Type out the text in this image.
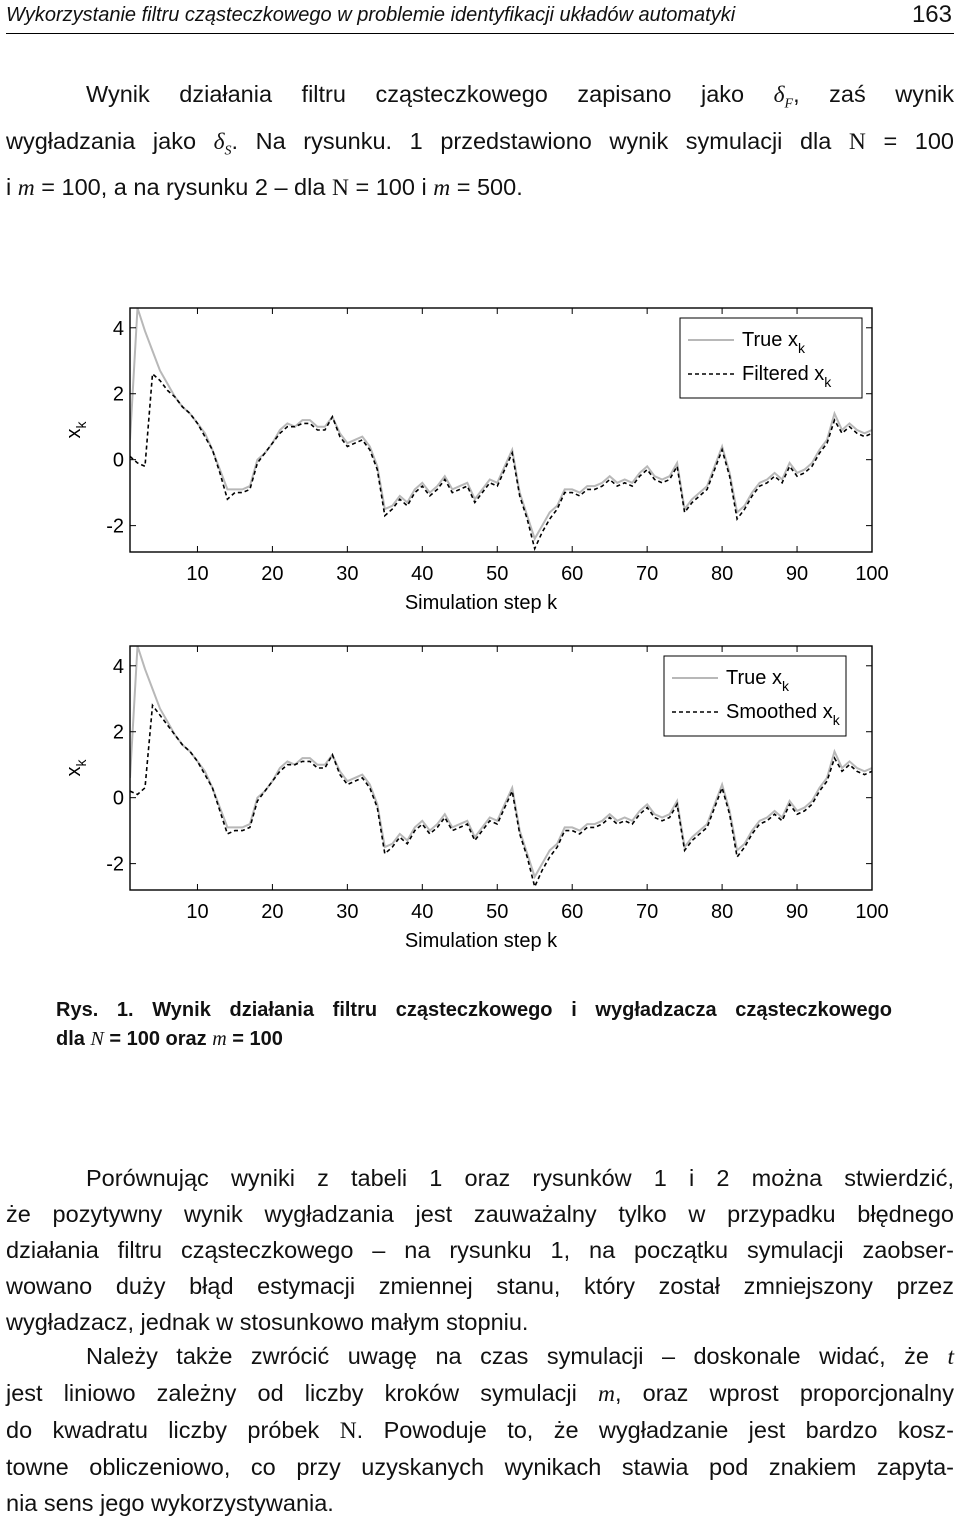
Wykorzystanie filtru cząsteczkowego w problemie identyfikacji układów automatyki	163
Wynik działania filtru cząsteczkowego zapisano jako $\delta_F$, zaś wynik
wygładzania jako $\delta_S$. Na rysunku. 1 przedstawiono wynik symulacji dla N = 100
i m = 100, a na rysunku 2 – dla N = 100 i m = 500.
10	20	30	40	50	60	70	80	90 100
-2
0
2
4
Simulation step k
$x_k$
True $x_k$
Filtered $x_k$
10	20	30	40	50	60	70	80	90 100
-2
0
2
4
Simulation step k
$x_k$
True $x_k$
Smoothed $x_k$
Rys. 1. Wynik działania filtru cząsteczkowego i wygładzacza cząsteczkowego
dla N = 100 oraz m = 100
Porównując wyniki z tabeli 1 oraz rysunków 1 i 2 można stwierdzić,
że pozytywny wynik wygładzania jest zauważalny tylko w przypadku błędnego
działania filtru cząsteczkowego – na rysunku 1, na początku symulacji zaobser-
wowano duży błąd estymacji zmiennej stanu, który został zmniejszony przez
wygładzacz, jednak w stosunkowo małym stopniu.
Należy także zwrócić uwagę na czas symulacji – doskonale widać, że t
jest liniowo zależny od liczby kroków symulacji m, oraz wprost proporcjonalny
do kwadratu liczby próbek N. Powoduje to, że wygładzanie jest bardzo kosz-
towne obliczeniowo, co przy uzyskanych wynikach stawia pod znakiem zapyta-
nia sens jego wykorzystywania.
